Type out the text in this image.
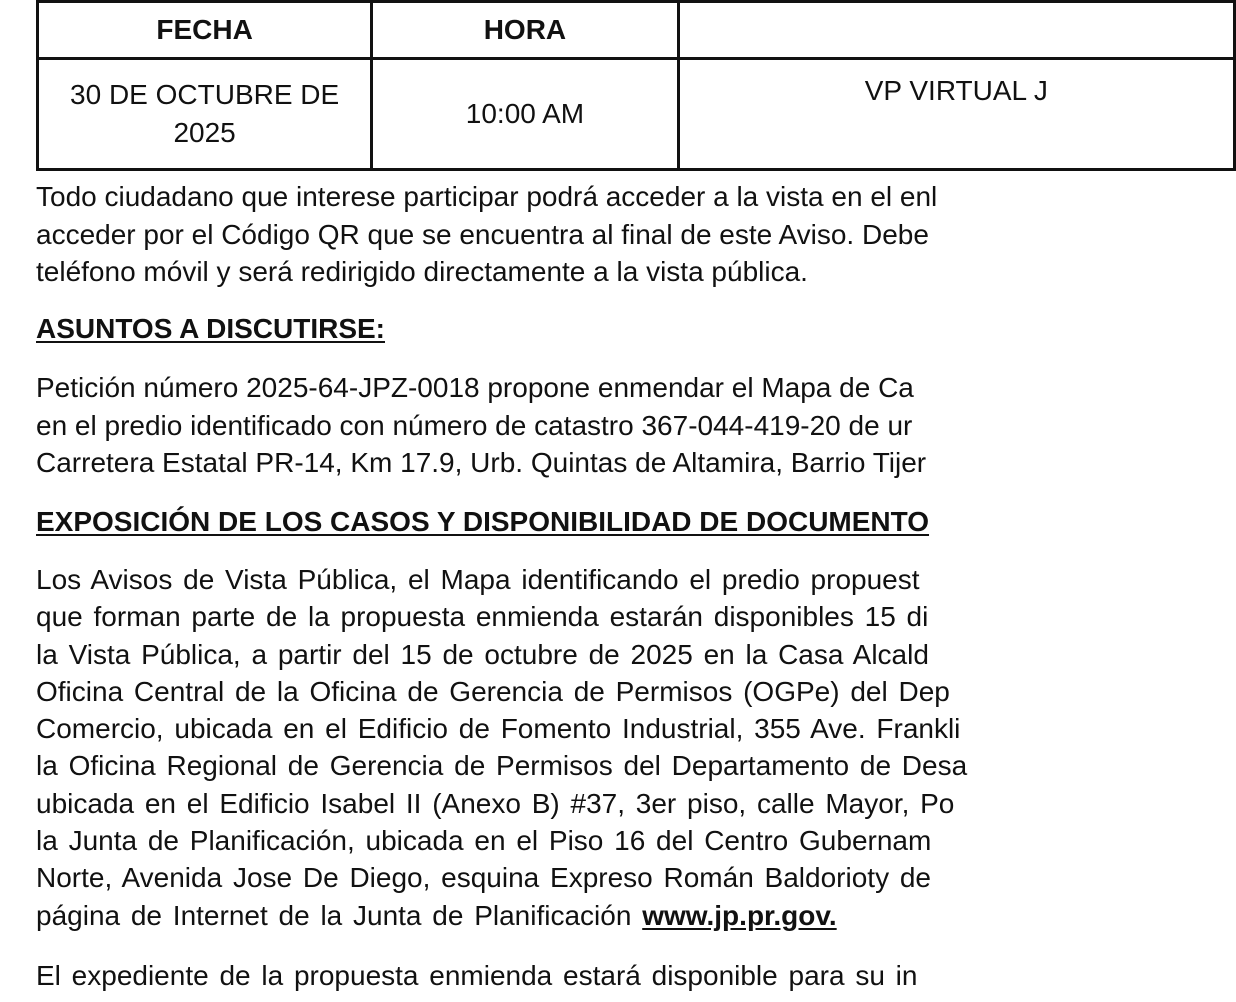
FECHA	HORA	

30 DE OCTUBRE DE
2025	10:00 AM	VP VIRTUAL J
Todo ciudadano que interese participar podrá acceder a la vista en el enl
acceder por el Código QR que se encuentra al final de este Aviso. Debe
teléfono móvil y será redirigido directamente a la vista pública.
ASUNTOS A DISCUTIRSE:
Petición número 2025-64-JPZ-0018 propone enmendar el Mapa de Ca
en el predio identificado con número de catastro 367-044-419-20 de ur
Carretera Estatal PR-14, Km 17.9, Urb. Quintas de Altamira, Barrio Tijer
EXPOSICIÓN DE LOS CASOS Y DISPONIBILIDAD DE DOCUMENTO
Los Avisos de Vista Pública, el Mapa identificando el predio propuest
que forman parte de la propuesta enmienda estarán disponibles 15 di
la Vista Pública, a partir del 15 de octubre de 2025 en la Casa Alcald
Oficina Central de la Oficina de Gerencia de Permisos (OGPe) del Dep
Comercio, ubicada en el Edificio de Fomento Industrial, 355 Ave. Frankli
la Oficina Regional de Gerencia de Permisos del Departamento de Desa
ubicada en el Edificio Isabel II (Anexo B) #37, 3er piso, calle Mayor, Po
la Junta de Planificación, ubicada en el Piso 16 del Centro Gubernam
Norte, Avenida Jose De Diego, esquina Expreso Román Baldorioty de
página de Internet de la Junta de Planificación www.jp.pr.gov.
El expediente de la propuesta enmienda estará disponible para su in
